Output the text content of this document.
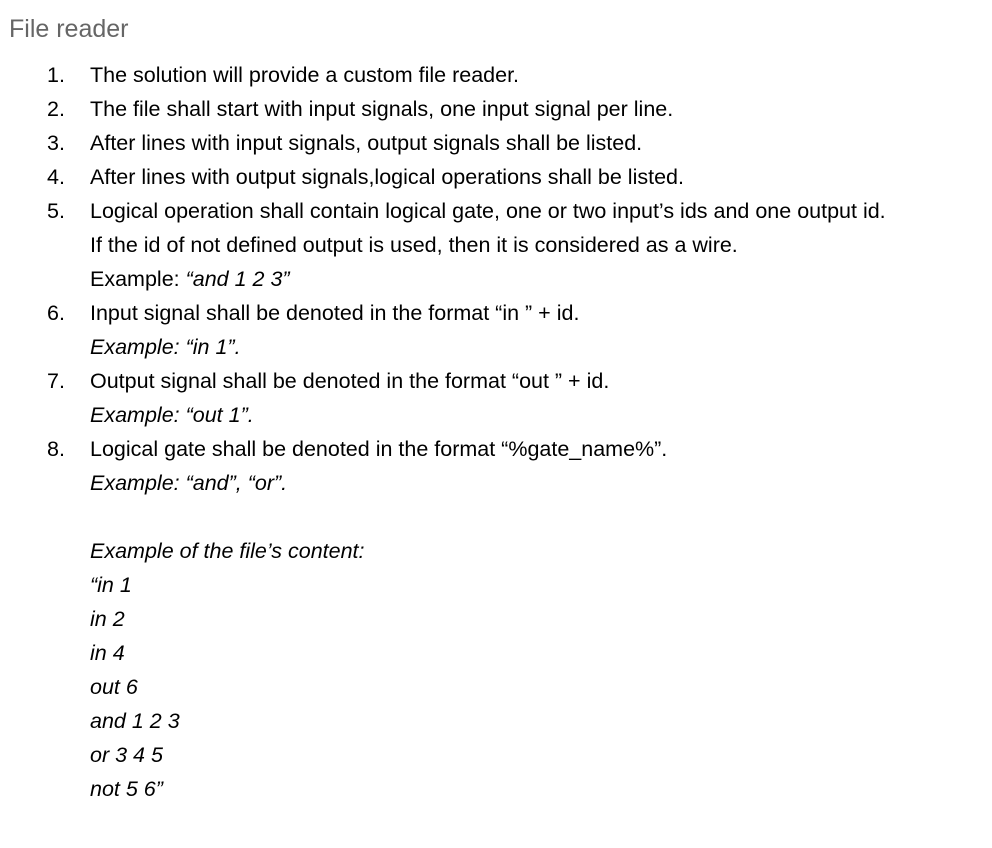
File reader
1.	The solution will provide a custom file reader.
2.	The file shall start with input signals, one input signal per line.
3.	After lines with input signals, output signals shall be listed.
4.	After lines with output signals,logical operations shall be listed.
5.	Logical operation shall contain logical gate, one or two input’s ids and one output id.
If the id of not defined output is used, then it is considered as a wire.
Example: “and 1 2 3”
6.	Input signal shall be denoted in the format “in ” + id.
Example: “in 1”.
7.	Output signal shall be denoted in the format “out ” + id.
Example: “out 1”.
8.	Logical gate shall be denoted in the format “%gate_name%”.
Example: “and”, “or”.
Example of the file’s content:
“in 1
in 2
in 4
out 6
and 1 2 3
or 3 4 5
not 5 6”
